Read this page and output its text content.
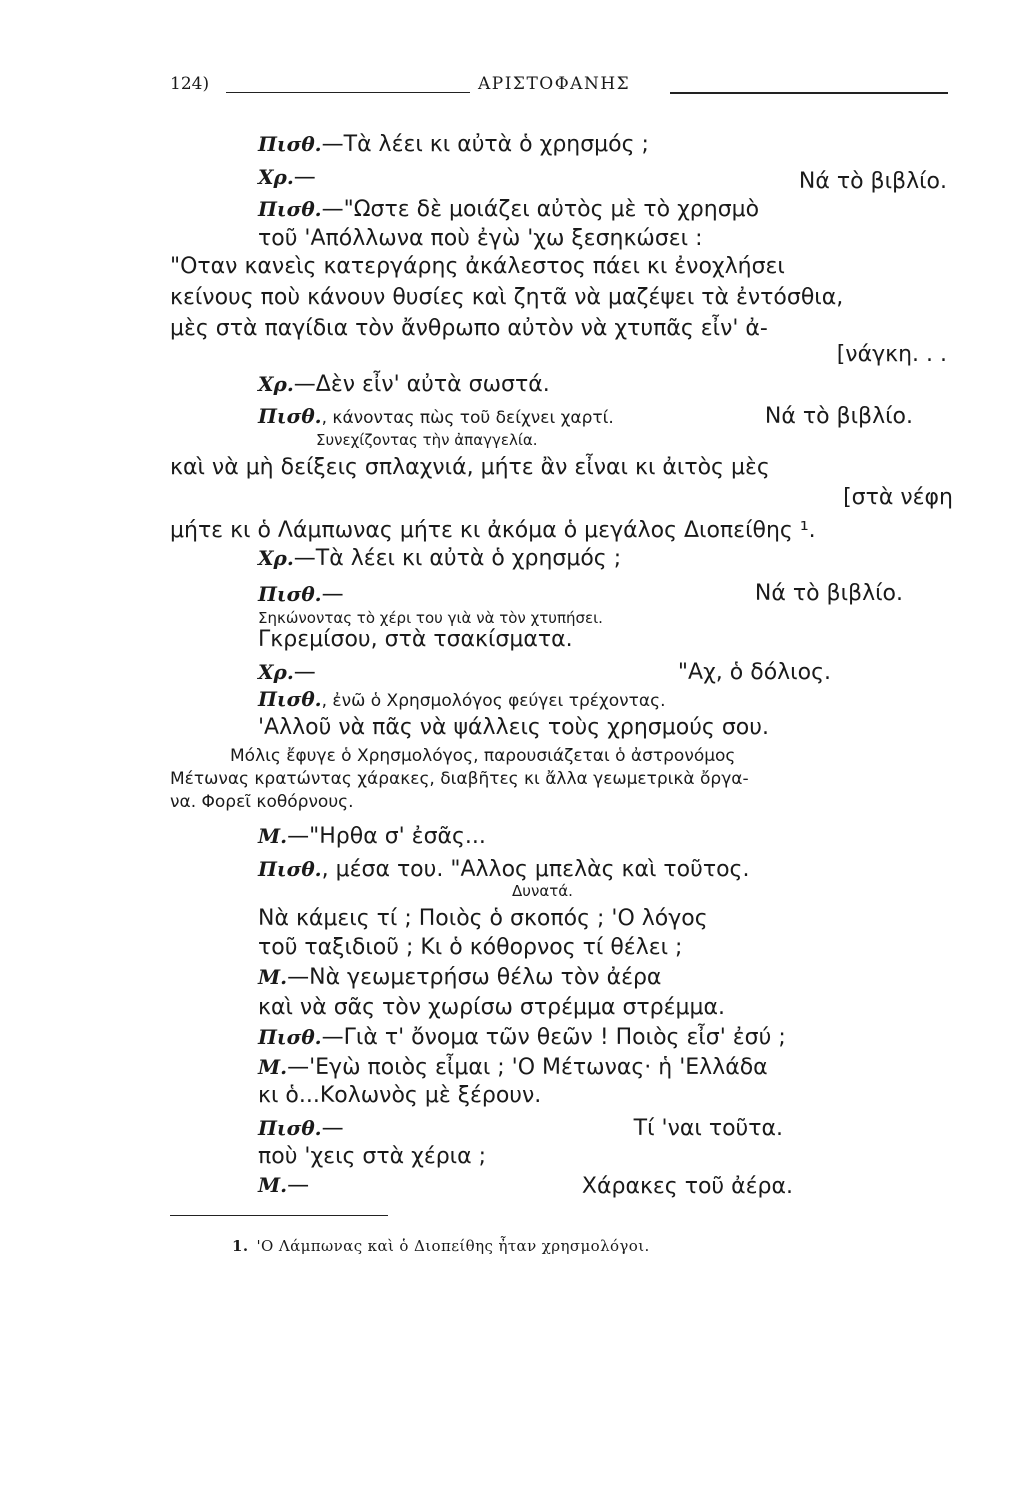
124)	ΑΡΙΣΤΟΦΑΝΗΣ
Πισθ.—Τὰ λέει κι αὐτὰ ὁ χρησμός ;
Χρ.—	Νά τὸ βιβλίο.
Πισθ.—"Ωστε δὲ μοιάζει αὐτὸς μὲ τὸ χρησμὸ
τοῦ 'Απόλλωνα ποὺ ἐγὼ 'χω ξεσηκώσει :
"Οταν κανεὶς κατεργάρης ἀκάλεστος πάει κι ἐνοχλήσει
κείνους ποὺ κάνουν θυσίες καὶ ζητᾶ νὰ μαζέψει τὰ ἐντόσθια,
μὲς στὰ παγίδια τὸν ἄνθρωπο αὐτὸν νὰ χτυπᾶς εἶν' ἀ-
[νάγκη. . .
Χρ.—Δὲν εἶν' αὐτὰ σωστά.
Πισθ., κάνοντας πὼς τοῦ δείχνει χαρτί.	Νά τὸ βιβλίο.
Συνεχίζοντας τὴν ἀπαγγελία.
καὶ νὰ μὴ δείξεις σπλαχνιά, μήτε ἂν εἶναι κι ἀιτὸς μὲς
[στὰ νέφη
μήτε κι ὁ Λάμπωνας μήτε κι ἀκόμα ὁ μεγάλος Διοπείθης ¹.
Χρ.—Τὰ λέει κι αὐτὰ ὁ χρησμός ;
Πισθ.—	Νά τὸ βιβλίο.
Σηκώνοντας τὸ χέρι του γιὰ νὰ τὸν χτυπήσει.
Γκρεμίσου, στὰ τσακίσματα.
Χρ.—	"Αχ, ὁ δόλιος.
Πισθ., ἐνῶ ὁ Χρησμολόγος φεύγει τρέχοντας.
'Αλλοῦ νὰ πᾶς νὰ ψάλλεις τοὺς χρησμούς σου.
Μόλις ἔφυγε ὁ Χρησμολόγος, παρουσιάζεται ὁ ἀστρονόμος
Μέτωνας κρατώντας χάρακες, διαβῆτες κι ἄλλα γεωμετρικὰ ὄργα-
να. Φορεῖ κοθόρνους.
Μ.—"Ηρθα σ' ἐσᾶς...
Πισθ., μέσα του. "Αλλος μπελὰς καὶ τοῦτος.
Δυνατά.
Νὰ κάμεις τί ; Ποιὸς ὁ σκοπός ; 'Ο λόγος
τοῦ ταξιδιοῦ ; Κι ὁ κόθορνος τί θέλει ;
Μ.—Νὰ γεωμετρήσω θέλω τὸν ἀέρα
καὶ νὰ σᾶς τὸν χωρίσω στρέμμα στρέμμα.
Πισθ.—Γιὰ τ' ὄνομα τῶν θεῶν ! Ποιὸς εἶσ' ἐσύ ;
Μ.—'Εγὼ ποιὸς εἶμαι ; 'Ο Μέτωνας· ἡ 'Ελλάδα
κι ὁ...Κολωνὸς μὲ ξέρουν.
Πισθ.—	Τί 'ναι τοῦτα.
ποὺ 'χεις στὰ χέρια ;
Μ.—	Χάρακες τοῦ ἀέρα.
1. 'Ο Λάμπωνας καὶ ὁ Διοπείθης ἦταν χρησμολόγοι.
